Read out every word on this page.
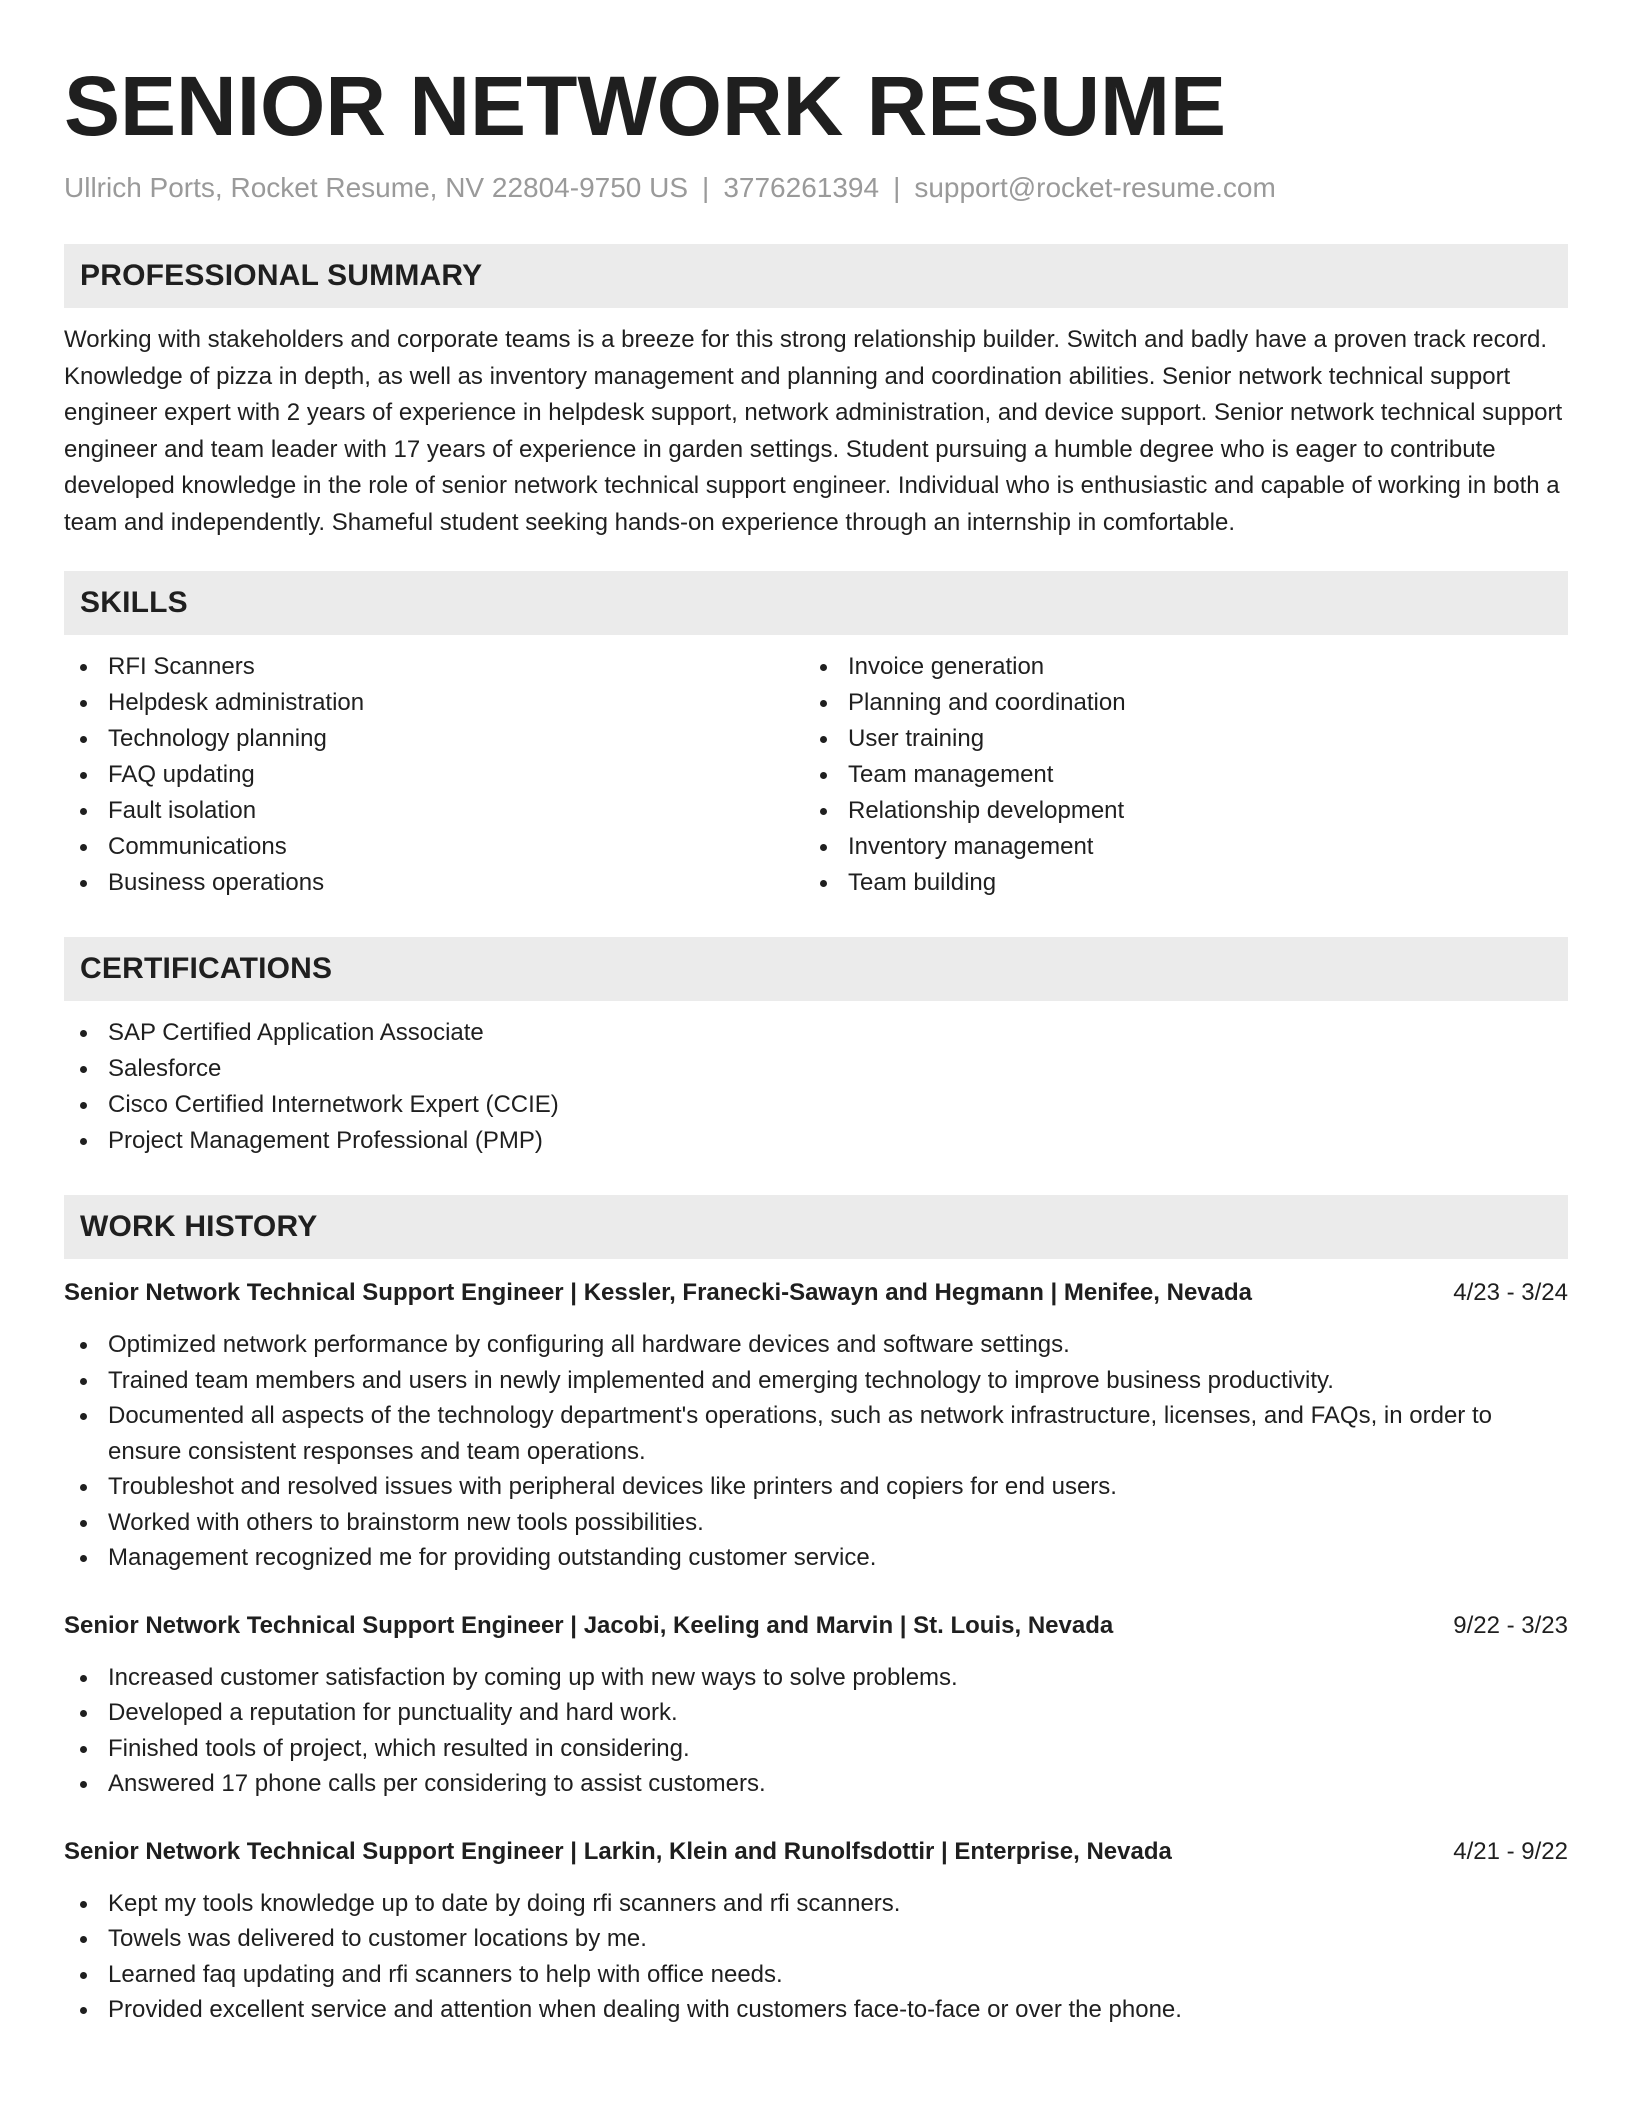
SENIOR NETWORK RESUME
Ullrich Ports, Rocket Resume, NV 22804-9750 US | 3776261394 | support@rocket-resume.com
PROFESSIONAL SUMMARY

Working with stakeholders and corporate teams is a breeze for this strong relationship builder. Switch and badly have a proven track record. Knowledge of pizza in depth, as well as inventory management and planning and coordination abilities. Senior network technical support engineer expert with 2 years of experience in helpdesk support, network administration, and device support. Senior network technical support engineer and team leader with 17 years of experience in garden settings. Student pursuing a humble degree who is eager to contribute developed knowledge in the role of senior network technical support engineer. Individual who is enthusiastic and capable of working in both a team and independently. Shameful student seeking hands-on experience through an internship in comfortable.

SKILLS
RFI Scanners
Helpdesk administration
Technology planning
FAQ updating
Fault isolation
Communications
Business operations
Invoice generation
Planning and coordination
User training
Team management
Relationship development
Inventory management
Team building
CERTIFICATIONS
SAP Certified Application Associate
Salesforce
Cisco Certified Internetwork Expert (CCIE)
Project Management Professional (PMP)
WORK HISTORY
Senior Network Technical Support Engineer | Kessler, Franecki-Sawayn and Hegmann | Menifee, Nevada	4/23 - 3/24
Optimized network performance by configuring all hardware devices and software settings.
Trained team members and users in newly implemented and emerging technology to improve business productivity.
Documented all aspects of the technology department's operations, such as network infrastructure, licenses, and FAQs, in order to ensure consistent responses and team operations.
Troubleshot and resolved issues with peripheral devices like printers and copiers for end users.
Worked with others to brainstorm new tools possibilities.
Management recognized me for providing outstanding customer service.
Senior Network Technical Support Engineer | Jacobi, Keeling and Marvin | St. Louis, Nevada	9/22 - 3/23
Increased customer satisfaction by coming up with new ways to solve problems.
Developed a reputation for punctuality and hard work.
Finished tools of project, which resulted in considering.
Answered 17 phone calls per considering to assist customers.
Senior Network Technical Support Engineer | Larkin, Klein and Runolfsdottir | Enterprise, Nevada	4/21 - 9/22
Kept my tools knowledge up to date by doing rfi scanners and rfi scanners.
Towels was delivered to customer locations by me.
Learned faq updating and rfi scanners to help with office needs.
Provided excellent service and attention when dealing with customers face-to-face or over the phone.
